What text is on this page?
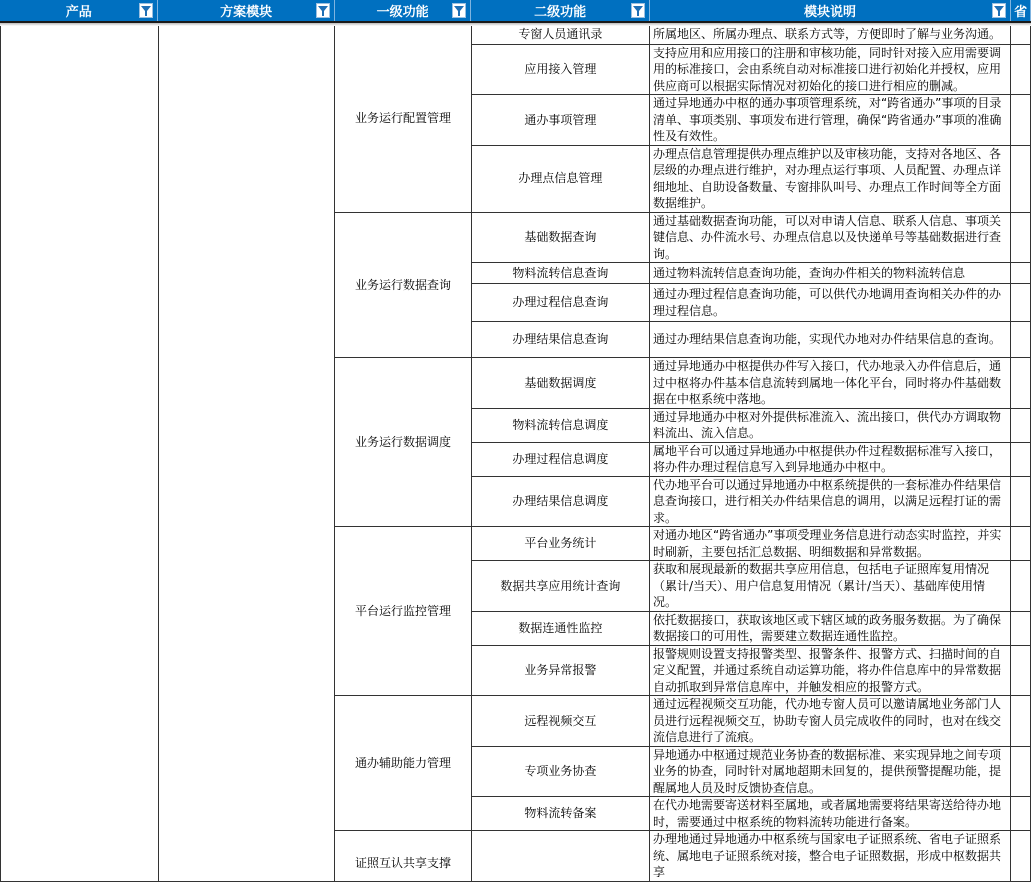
产品	方案模块	一级功能	二级功能	模块说明	省

		业务运行配置管理	专窗人员通讯录	所属地区、所属办理点、联系方式等，方便即时了解与业务沟通。	

			应用接入管理	支持应用和应用接口的注册和审核功能，同时针对接入应用需要调用的标准接口，会由系统自动对标准接口进行初始化并授权，应用供应商可以根据实际情况对初始化的接口进行相应的删减。	

			通办事项管理	通过异地通办中枢的通办事项管理系统，对“跨省通办”事项的目录清单、事项类别、事项发布进行管理，确保“跨省通办”事项的准确性及有效性。	

			办理点信息管理	办理点信息管理提供办理点维护以及审核功能，支持对各地区、各层级的办理点进行维护，对办理点运行事项、人员配置、办理点详细地址、自助设备数量、专窗排队叫号、办理点工作时间等全方面数据维护。	

		业务运行数据查询	基础数据查询	通过基础数据查询功能，可以对申请人信息、联系人信息、事项关键信息、办件流水号、办理点信息以及快递单号等基础数据进行查询。	

			物料流转信息查询	通过物料流转信息查询功能，查询办件相关的物料流转信息	

			办理过程信息查询	通过办理过程信息查询功能，可以供代办地调用查询相关办件的办理过程信息。	

			办理结果信息查询	通过办理结果信息查询功能，实现代办地对办件结果信息的查询。	

		业务运行数据调度	基础数据调度	通过异地通办中枢提供办件写入接口，代办地录入办件信息后，通过中枢将办件基本信息流转到属地一体化平台，同时将办件基础数据在中枢系统中落地。	

			物料流转信息调度	通过异地通办中枢对外提供标准流入、流出接口，供代办方调取物料流出、流入信息。	

			办理过程信息调度	属地平台可以通过异地通办中枢提供办件过程数据标准写入接口，将办件办理过程信息写入到异地通办中枢中。	

			办理结果信息调度	代办地平台可以通过异地通办中枢系统提供的一套标准办件结果信息查询接口，进行相关办件结果信息的调用，以满足远程打证的需求。	

		平台运行监控管理	平台业务统计	对通办地区“跨省通办”事项受理业务信息进行动态实时监控，并实时刷新，主要包括汇总数据、明细数据和异常数据。	

			数据共享应用统计查询	获取和展现最新的数据共享应用信息，包括电子证照库复用情况（累计/当天）、用户信息复用情况（累计/当天）、基础库使用情况。	

			数据连通性监控	依托数据接口，获取该地区或下辖区域的政务服务数据。为了确保数据接口的可用性，需要建立数据连通性监控。	

			业务异常报警	报警规则设置支持报警类型、报警条件、报警方式、扫描时间的自定义配置，并通过系统自动运算功能，将办件信息库中的异常数据自动抓取到异常信息库中，并触发相应的报警方式。	

		通办辅助能力管理	远程视频交互	通过远程视频交互功能，代办地专窗人员可以邀请属地业务部门人员进行远程视频交互，协助专窗人员完成收件的同时，也对在线交流信息进行了流痕。	

			专项业务协查	异地通办中枢通过规范业务协查的数据标准、来实现异地之间专项业务的协查，同时针对属地超期未回复的，提供预警提醒功能，提醒属地人员及时反馈协查信息。	

			物料流转备案	在代办地需要寄送材料至属地，或者属地需要将结果寄送给待办地时，需要通过中枢系统的物料流转功能进行备案。	

		证照互认共享支撑		办理地通过异地通办中枢系统与国家电子证照系统、省电子证照系统、属地电子证照系统对接，整合电子证照数据，形成中枢数据共享	
